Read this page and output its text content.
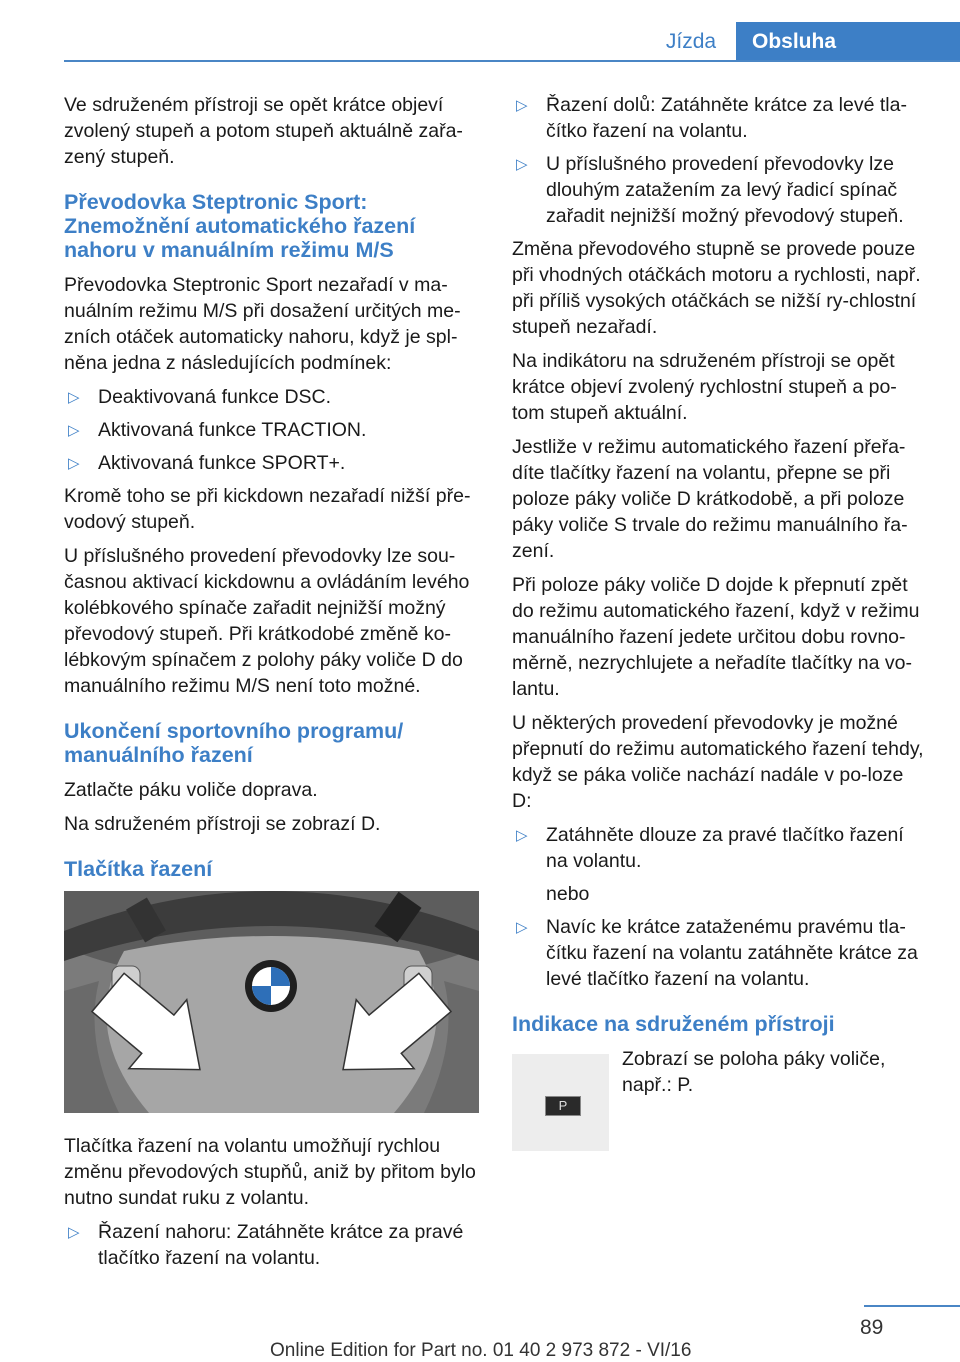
Jízda	Obsluha

Ve sdruženém přístroji se opět krátce objeví zvolený stupeň a potom stupeň aktuálně zařa‐zený stupeň.

Převodovka Steptronic Sport: Znemožnění automatického řazení nahoru v manuálním režimu M/S

Převodovka Steptronic Sport nezařadí v ma‐nuálním režimu M/S při dosažení určitých me‐zních otáček automaticky nahoru, když je spl‐něna jedna z následujících podmínek:

▷ Deaktivovaná funkce DSC.
▷ Aktivovaná funkce TRACTION.
▷ Aktivovaná funkce SPORT+.

Kromě toho se při kickdown nezařadí nižší pře‐vodový stupeň.

U příslušného provedení převodovky lze sou‐časnou aktivací kickdownu a ovládáním levého kolébkového spínače zařadit nejnižší možný převodový stupeň. Při krátkodobé změně ko‐lébkovým spínačem z polohy páky voliče D do manuálního režimu M/S není toto možné.

Ukončení sportovního programu/ manuálního řazení

Zatlačte páku voliče doprava.

Na sdruženém přístroji se zobrazí D.

Tlačítka řazení

Tlačítka řazení na volantu umožňují rychlou změnu převodových stupňů, aniž by přitom bylo nutno sundat ruku z volantu.

▷ Řazení nahoru: Zatáhněte krátce za pravé tlačítko řazení na volantu.
▷ Řazení dolů: Zatáhněte krátce za levé tla‐čítko řazení na volantu.
▷ U příslušného provedení převodovky lze dlouhým zatažením za levý řadicí spínač zařadit nejnižší možný převodový stupeň.

Změna převodového stupně se provede pouze při vhodných otáčkách motoru a rychlosti, např. při příliš vysokých otáčkách se nižší ry‐chlostní stupeň nezařadí.

Na indikátoru na sdruženém přístroji se opět krátce objeví zvolený rychlostní stupeň a po‐tom stupeň aktuální.

Jestliže v režimu automatického řazení přeřa‐díte tlačítky řazení na volantu, přepne se při poloze páky voliče D krátkodobě, a při poloze páky voliče S trvale do režimu manuálního řa‐zení.

Při poloze páky voliče D dojde k přepnutí zpět do režimu automatického řazení, když v režimu manuálního řazení jedete určitou dobu rovno‐měrně, nezrychlujete a neřadíte tlačítky na vo‐lantu.

U některých provedení převodovky je možné přepnutí do režimu automatického řazení tehdy, když se páka voliče nachází nadále v po‐loze D:

▷ Zatáhněte dlouze za pravé tlačítko řazení na volantu.
nebo
▷ Navíc ke krátce zataženému pravému tla‐čítku řazení na volantu zatáhněte krátce za levé tlačítko řazení na volantu.
Indikace na sdruženém přístroji
P
Zobrazí se poloha páky voliče, např.: P.
89
Online Edition for Part no. 01 40 2 973 872 - VI/16
